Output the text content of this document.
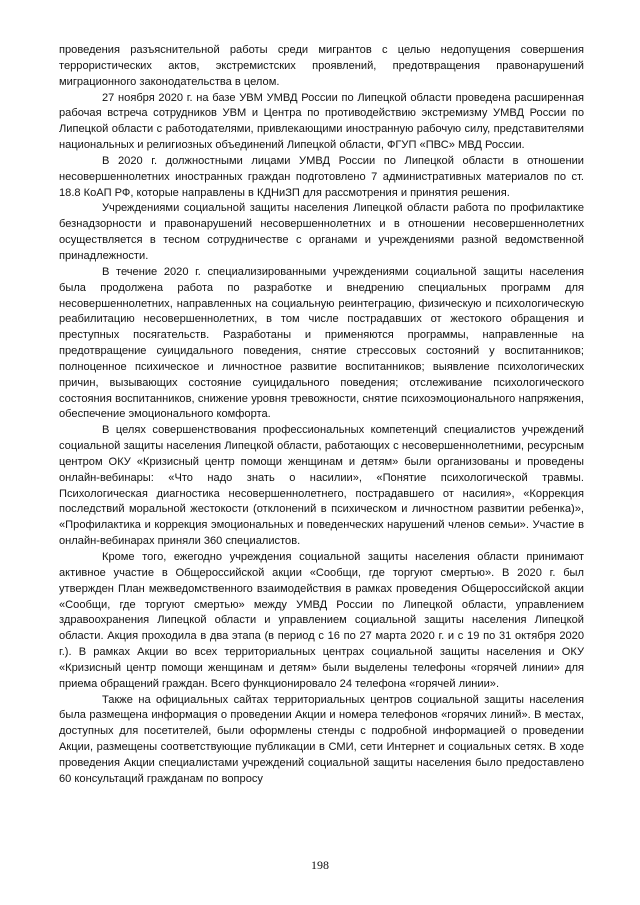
проведения разъяснительной работы среди мигрантов с целью недопущения совершения террористических актов, экстремистских проявлений, предотвращения правонарушений миграционного законодательства в целом.

27 ноября 2020 г. на базе УВМ УМВД России по Липецкой области проведена расширенная рабочая встреча сотрудников УВМ и Центра по противодействию экстремизму УМВД России по Липецкой области с работодателями, привлекающими иностранную рабочую силу, представителями национальных и религиозных объединений Липецкой области, ФГУП «ПВС» МВД России.

В 2020 г. должностными лицами УМВД России по Липецкой области в отношении несовершеннолетних иностранных граждан подготовлено 7 административных материалов по ст. 18.8 КоАП РФ, которые направлены в КДНиЗП для рассмотрения и принятия решения.

Учреждениями социальной защиты населения Липецкой области работа по профилактике безнадзорности и правонарушений несовершеннолетних и в отношении несовершеннолетних осуществляется в тесном сотрудничестве с органами и учреждениями разной ведомственной принадлежности.

В течение 2020 г. специализированными учреждениями социальной защиты населения была продолжена работа по разработке и внедрению специальных программ для несовершеннолетних, направленных на социальную реинтеграцию, физическую и психологическую реабилитацию несовершеннолетних, в том числе пострадавших от жестокого обращения и преступных посягательств. Разработаны и применяются программы, направленные на предотвращение суицидального поведения, снятие стрессовых состояний у воспитанников; полноценное психическое и личностное развитие воспитанников; выявление психологических причин, вызывающих состояние суицидального поведения; отслеживание психологического состояния воспитанников, снижение уровня тревожности, снятие психоэмоционального напряжения, обеспечение эмоционального комфорта.

В целях совершенствования профессиональных компетенций специалистов учреждений социальной защиты населения Липецкой области, работающих с несовершеннолетними, ресурсным центром ОКУ «Кризисный центр помощи женщинам и детям» были организованы и проведены онлайн-вебинары: «Что надо знать о насилии», «Понятие психологической травмы. Психологическая диагностика несовершеннолетнего, пострадавшего от насилия», «Коррекция последствий моральной жестокости (отклонений в психическом и личностном развитии ребенка)», «Профилактика и коррекция эмоциональных и поведенческих нарушений членов семьи». Участие в онлайн-вебинарах приняли 360 специалистов.

Кроме того, ежегодно учреждения социальной защиты населения области принимают активное участие в Общероссийской акции «Сообщи, где торгуют смертью». В 2020 г. был утвержден План межведомственного взаимодействия в рамках проведения Общероссийской акции «Сообщи, где торгуют смертью» между УМВД России по Липецкой области, управлением здравоохранения Липецкой области и управлением социальной защиты населения Липецкой области. Акция проходила в два этапа (в период с 16 по 27 марта 2020 г. и с 19 по 31 октября 2020 г.). В рамках Акции во всех территориальных центрах социальной защиты населения и ОКУ «Кризисный центр помощи женщинам и детям» были выделены телефоны «горячей линии» для приема обращений граждан. Всего функционировало 24 телефона «горячей линии».

Также на официальных сайтах территориальных центров социальной защиты населения была размещена информация о проведении Акции и номера телефонов «горячих линий». В местах, доступных для посетителей, были оформлены стенды с подробной информацией о проведении Акции, размещены соответствующие публикации в СМИ, сети Интернет и социальных сетях. В ходе проведения Акции специалистами учреждений социальной защиты населения было предоставлено 60 консультаций гражданам по вопросу

198
